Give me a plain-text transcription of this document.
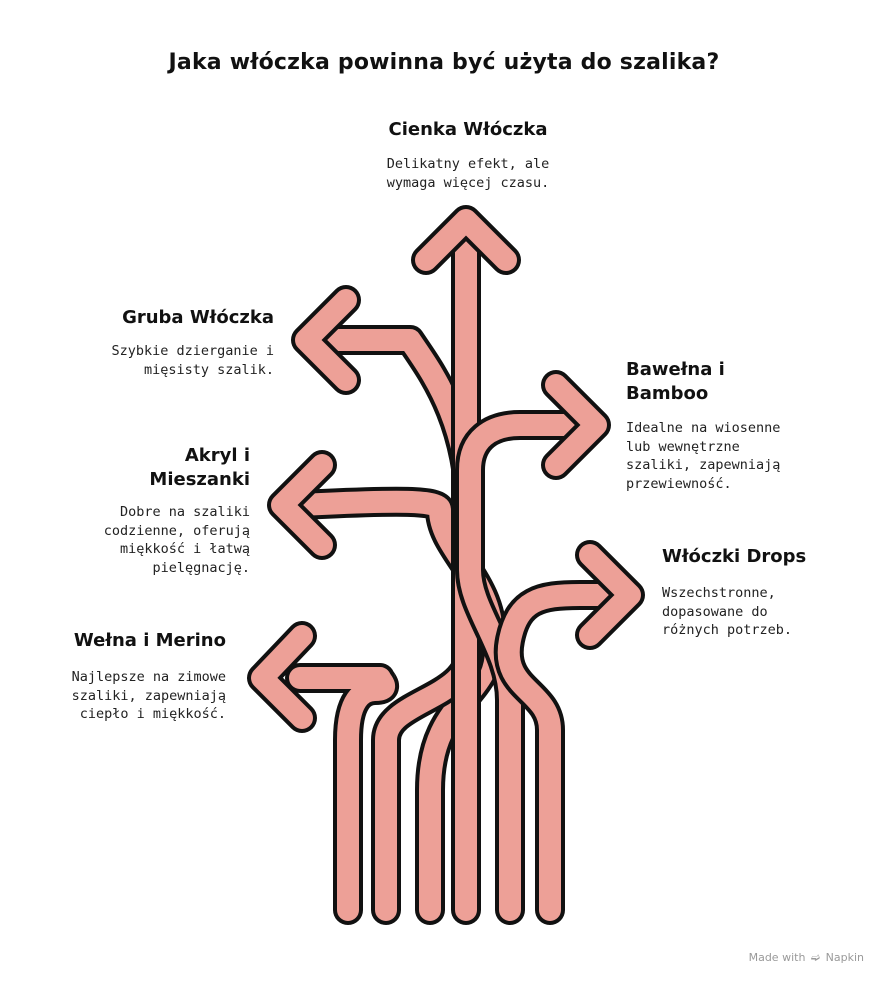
Jaka włóczka powinna być użyta do szalika?
Cienka Włóczka
Delikatny efekt, ale
wymaga więcej czasu.
Gruba Włóczka
Szybkie dzierganie i
mięsisty szalik.	Bawełna i
Bamboo
Idealne na wiosenne
lub wewnętrzne
szaliki, zapewniają
przewiewność.
Akryl i
Mieszanki
Dobre na szaliki
codzienne, oferują
miękkość i łatwą
pielęgnację.
Włóczki Drops
Wszechstronne,
dopasowane do
różnych potrzeb.
Wełna i Merino
Najlepsze na zimowe
szaliki, zapewniają
ciepło i miękkość.
Made with ➫ Napkin
